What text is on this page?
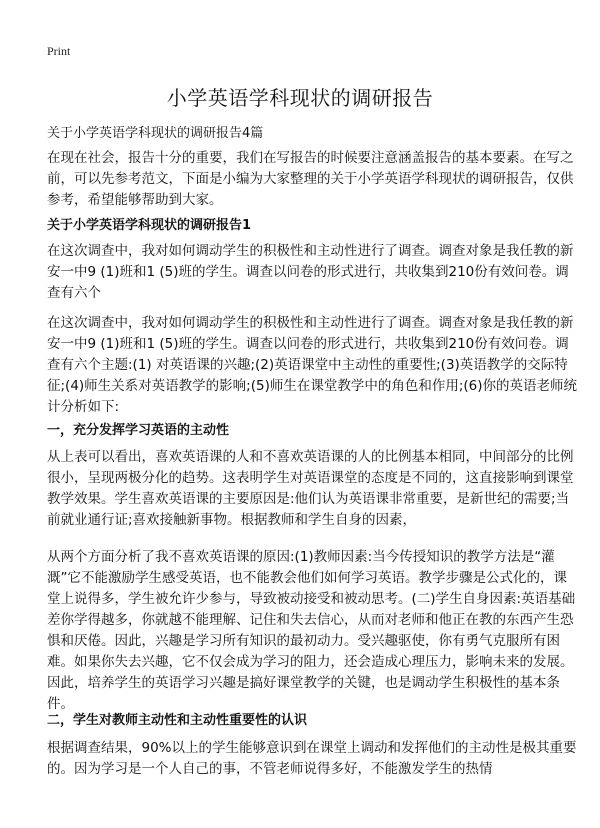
Print
小学英语学科现状的调研报告

关于小学英语学科现状的调研报告4篇

在现在社会，报告十分的重要，我们在写报告的时候要注意涵盖报告的基本要素。在写之前，可以先参考范文，下面是小编为大家整理的关于小学英语学科现状的调研报告，仅供参考，希望能够帮助到大家。

关于小学英语学科现状的调研报告1

在这次调查中，我对如何调动学生的积极性和主动性进行了调查。调查对象是我任教的新安一中9 (1)班和1 (5)班的学生。调查以问卷的形式进行，共收集到210份有效问卷。调查有六个

在这次调查中，我对如何调动学生的积极性和主动性进行了调查。调查对象是我任教的新安一中9 (1)班和1 (5)班的学生。调查以问卷的形式进行，共收集到210份有效问卷。调查有六个主题:(1) 对英语课的兴趣;(2)英语课堂中主动性的重要性;(3)英语教学的交际特征;(4)师生关系对英语教学的影响;(5)师生在课堂教学中的角色和作用;(6)你的英语老师统计分析如下:

一，充分发挥学习英语的主动性

从上表可以看出，喜欢英语课的人和不喜欢英语课的人的比例基本相同，中间部分的比例很小，呈现两极分化的趋势。这表明学生对英语课堂的态度是不同的，这直接影响到课堂教学效果。学生喜欢英语课的主要原因是:他们认为英语课非常重要，是新世纪的需要;当前就业通行证;喜欢接触新事物。根据教师和学生自身的因素，

从两个方面分析了我不喜欢英语课的原因:(1)教师因素:当今传授知识的教学方法是“灌溉”它不能激励学生感受英语，也不能教会他们如何学习英语。教学步骤是公式化的，课堂上说得多，学生被允许少参与，导致被动接受和被动思考。(二)学生自身因素:英语基础差你学得越多，你就越不能理解、记住和失去信心，从而对老师和他正在教的东西产生恐惧和厌倦。因此，兴趣是学习所有知识的最初动力。受兴趣驱使，你有勇气克服所有困难。如果你失去兴趣，它不仅会成为学习的阻力，还会造成心理压力，影响未来的发展。因此，培养学生的英语学习兴趣是搞好课堂教学的关键，也是调动学生积极性的基本条件。

二，学生对教师主动性和主动性重要性的认识

根据调查结果，90%以上的学生能够意识到在课堂上调动和发挥他们的主动性是极其重要的。因为学习是一个人自己的事，不管老师说得多好，不能激发学生的热情
